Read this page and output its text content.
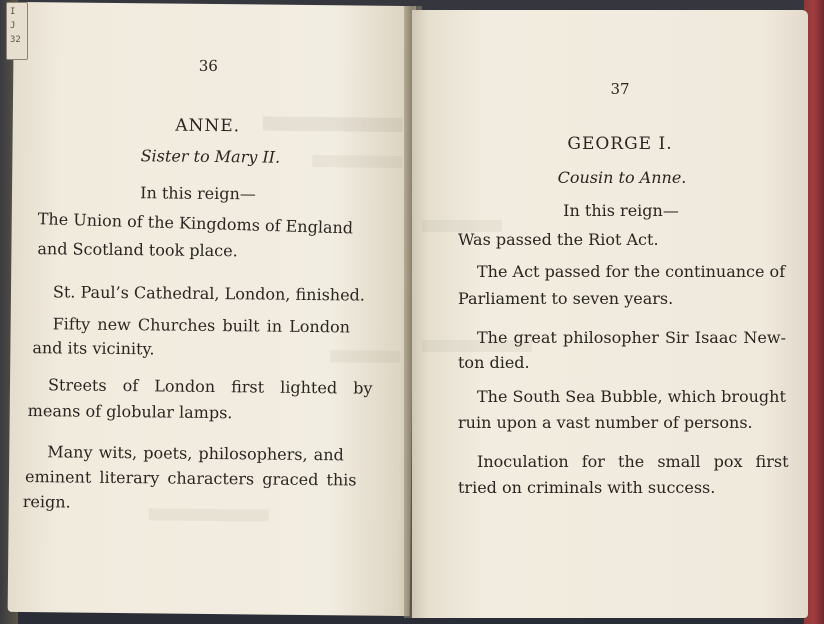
36
ANNE.
Sister to Mary II.
In this reign—
The Union of the Kingdoms of England
and Scotland took place.
St. Paul’s Cathedral, London, finished.
Fifty new Churches built in London
and its vicinity.
Streets of London first lighted by
means of globular lamps.
Many wits, poets, philosophers, and
eminent literary characters graced this
reign.
37
GEORGE I.
Cousin to Anne.
In this reign—
Was passed the Riot Act.
The Act passed for the continuance of
Parliament to seven years.
The great philosopher Sir Isaac New-
ton died.
The South Sea Bubble, which brought
ruin upon a vast number of persons.
Inoculation for the small pox first
tried on criminals with success.
I
J
32
